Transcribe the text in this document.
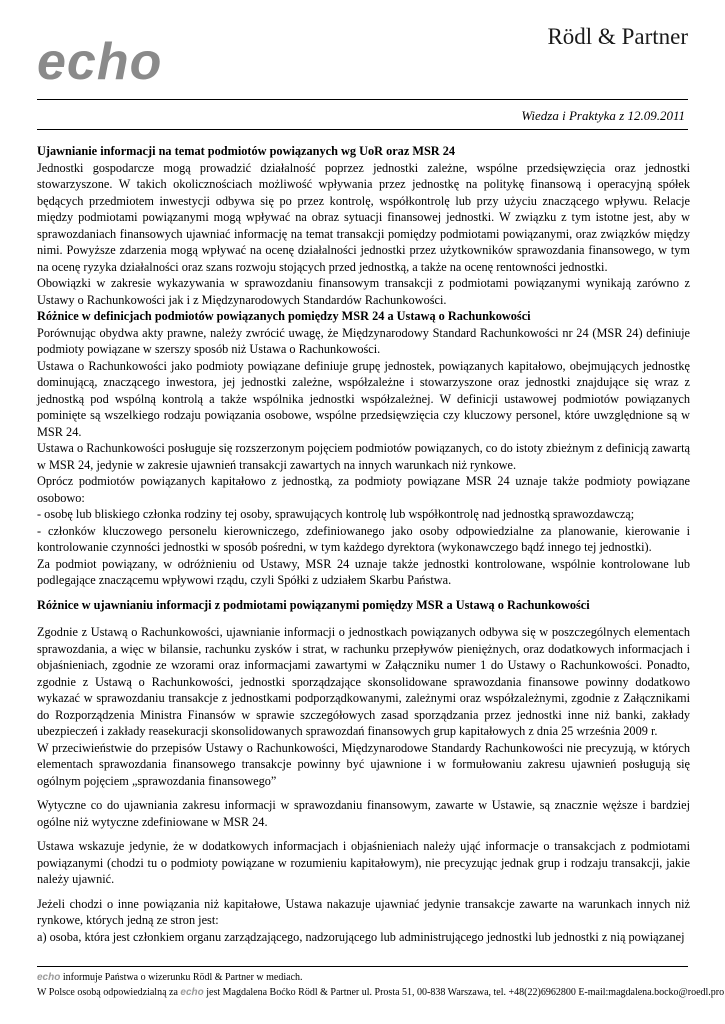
echo	Rödl & Partner
Wiedza i Praktyka z 12.09.2011

Ujawnianie informacji na temat podmiotów powiązanych wg UoR oraz MSR 24

Jednostki gospodarcze mogą prowadzić działalność poprzez jednostki zależne, wspólne przedsięwzięcia oraz jednostki stowarzyszone. W takich okolicznościach możliwość wpływania przez jednostkę na politykę finansową i operacyjną spółek będących przedmiotem inwestycji odbywa się po przez kontrolę, współkontrolę lub przy użyciu znaczącego wpływu. Relacje między podmiotami powiązanymi mogą wpływać na obraz sytuacji finansowej jednostki. W związku z tym istotne jest, aby w sprawozdaniach finansowych ujawniać informację na temat transakcji pomiędzy podmiotami powiązanymi, oraz związków między nimi. Powyższe zdarzenia mogą wpływać na ocenę działalności jednostki przez użytkowników sprawozdania finansowego, w tym na ocenę ryzyka działalności oraz szans rozwoju stojących przed jednostką, a także na ocenę rentowności jednostki.

Obowiązki w zakresie wykazywania w sprawozdaniu finansowym transakcji z podmiotami powiązanymi wynikają zarówno z Ustawy o Rachunkowości jak i z Międzynarodowych Standardów Rachunkowości.

Różnice w definicjach podmiotów powiązanych pomiędzy MSR 24 a Ustawą o Rachunkowości

Porównując obydwa akty prawne, należy zwrócić uwagę, że Międzynarodowy Standard Rachunkowości nr 24 (MSR 24) definiuje podmioty powiązane w szerszy sposób niż Ustawa o Rachunkowości.

Ustawa o Rachunkowości jako podmioty powiązane definiuje grupę jednostek, powiązanych kapitałowo, obejmujących jednostkę dominującą, znaczącego inwestora, jej jednostki zależne, współzależne i stowarzyszone oraz jednostki znajdujące się wraz z jednostką pod wspólną kontrolą a także wspólnika jednostki współzależnej. W definicji ustawowej podmiotów powiązanych pominięte są wszelkiego rodzaju powiązania osobowe, wspólne przedsięwzięcia czy kluczowy personel, które uwzględnione są w MSR 24.

Ustawa o Rachunkowości posługuje się rozszerzonym pojęciem podmiotów powiązanych, co do istoty zbieżnym z definicją zawartą w MSR 24, jedynie w zakresie ujawnień transakcji zawartych na innych warunkach niż rynkowe.

Oprócz podmiotów powiązanych kapitałowo z jednostką, za podmioty powiązane MSR 24 uznaje także podmioty powiązane osobowo:

- osobę lub bliskiego członka rodziny tej osoby, sprawujących kontrolę lub współkontrolę nad jednostką sprawozdawczą;

- członków kluczowego personelu kierowniczego, zdefiniowanego jako osoby odpowiedzialne za planowanie, kierowanie i kontrolowanie czynności jednostki w sposób pośredni, w tym każdego dyrektora (wykonawczego bądź innego tej jednostki).

Za podmiot powiązany, w odróżnieniu od Ustawy, MSR 24 uznaje także jednostki kontrolowane, wspólnie kontrolowane lub podlegające znaczącemu wpływowi rządu, czyli Spółki z udziałem Skarbu Państwa.

Różnice w ujawnianiu informacji z podmiotami powiązanymi pomiędzy MSR a Ustawą o Rachunkowości

Zgodnie z Ustawą o Rachunkowości, ujawnianie informacji o jednostkach powiązanych odbywa się w poszczególnych elementach sprawozdania, a więc w bilansie, rachunku zysków i strat, w rachunku przepływów pieniężnych, oraz dodatkowych informacjach i objaśnieniach, zgodnie ze wzorami oraz informacjami zawartymi w Załączniku numer 1 do Ustawy o Rachunkowości. Ponadto, zgodnie z Ustawą o Rachunkowości, jednostki sporządzające skonsolidowane sprawozdania finansowe powinny dodatkowo wykazać w sprawozdaniu transakcje z jednostkami podporządkowanymi, zależnymi oraz współzależnymi, zgodnie z Załącznikami do Rozporządzenia Ministra Finansów w sprawie szczegółowych zasad sporządzania przez jednostki inne niż banki, zakłady ubezpieczeń i zakłady reasekuracji skonsolidowanych sprawozdań finansowych grup kapitałowych z dnia 25 września 2009 r.

W przeciwieństwie do przepisów Ustawy o Rachunkowości, Międzynarodowe Standardy Rachunkowości nie precyzują, w których elementach sprawozdania finansowego transakcje powinny być ujawnione i w formułowaniu zakresu ujawnień posługują się ogólnym pojęciem „sprawozdania finansowego”

Wytyczne co do ujawniania zakresu informacji w sprawozdaniu finansowym, zawarte w Ustawie, są znacznie węższe i bardziej ogólne niż wytyczne zdefiniowane w MSR 24.

Ustawa wskazuje jedynie, że w dodatkowych informacjach i objaśnieniach należy ująć informacje o transakcjach z podmiotami powiązanymi (chodzi tu o podmioty powiązane w rozumieniu kapitałowym), nie precyzując jednak grup i rodzaju transakcji, jakie należy ujawnić.

Jeżeli chodzi o inne powiązania niż kapitałowe, Ustawa nakazuje ujawniać jedynie transakcje zawarte na warunkach innych niż rynkowe, których jedną ze stron jest:

a) osoba, która jest członkiem organu zarządzającego, nadzorującego lub administrującego jednostki lub jednostki z nią powiązanej

echo informuje Państwa o wizerunku Rödl & Partner w mediach.
W Polsce osobą odpowiedzialną za echo jest Magdalena Boćko Rödl & Partner ul. Prosta 51, 00-838 Warszawa, tel. +48(22)6962800 E-mail:magdalena.bocko@roedl.pro
